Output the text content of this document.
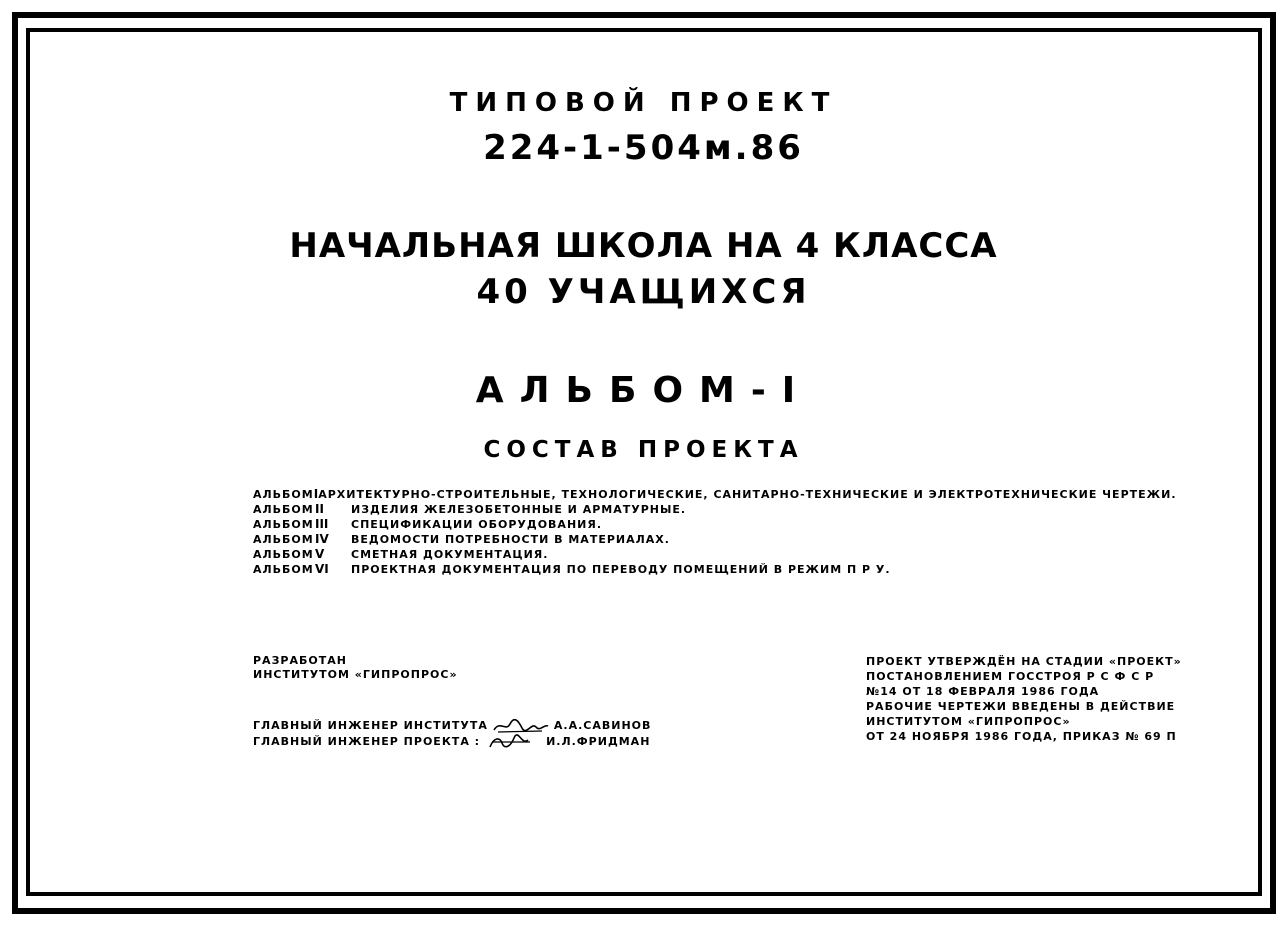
ТИПОВОЙ ПРОЕКТ
224-1-504м.86
НАЧАЛЬНАЯ ШКОЛА НА 4 КЛАССА
40 УЧАЩИХСЯ
АЛЬБОМ-I
СОСТАВ ПРОЕКТА
АЛЬБОМ I АРХИТЕКТУРНО-СТРОИТЕЛЬНЫЕ, ТЕХНОЛОГИЧЕСКИЕ, САНИТАРНО-ТЕХНИЧЕСКИЕ И ЭЛЕКТРОТЕХНИЧЕСКИЕ ЧЕРТЕЖИ.
АЛЬБОМ II	ИЗДЕЛИЯ ЖЕЛЕЗОБЕТОННЫЕ И АРМАТУРНЫЕ.
АЛЬБОМ III	СПЕЦИФИКАЦИИ ОБОРУДОВАНИЯ.
АЛЬБОМ IV	ВЕДОМОСТИ ПОТРЕБНОСТИ В МАТЕРИАЛАХ.
АЛЬБОМ V	СМЕТНАЯ ДОКУМЕНТАЦИЯ.
АЛЬБОМ VI	ПРОЕКТНАЯ ДОКУМЕНТАЦИЯ ПО ПЕРЕВОДУ ПОМЕЩЕНИЙ В РЕЖИМ П Р У.
РАЗРАБОТАН
ИНСТИТУТОМ «ГИПРОПРОС»
ГЛАВНЫЙ ИНЖЕНЕР ИНСТИТУТА	А.А.САВИНОВ
ГЛАВНЫЙ ИНЖЕНЕР ПРОЕКТА :	И.Л.ФРИДМАН
ПРОЕКТ УТВЕРЖДЁН НА СТАДИИ «ПРОЕКТ»
ПОСТАНОВЛЕНИЕМ ГОССТРОЯ Р С Ф С Р
№14 ОТ 18 ФЕВРАЛЯ 1986 ГОДА
РАБОЧИЕ ЧЕРТЕЖИ ВВЕДЕНЫ В ДЕЙСТВИЕ
ИНСТИТУТОМ «ГИПРОПРОС»
ОТ 24 НОЯБРЯ 1986 ГОДА, ПРИКАЗ № 69 П
